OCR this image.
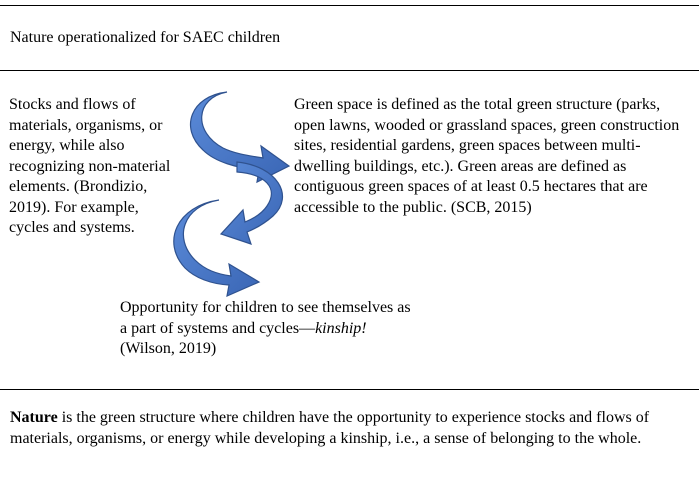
Nature operationalized for SAEC children

Stocks and flows of materials, organisms, or energy, while also recognizing non-material elements. (Brondizio, 2019). For example, cycles and systems.

Green space is defined as the total green structure (parks, open lawns, wooded or grassland spaces, green construction sites, residential gardens, green spaces between multi-dwelling buildings, etc.). Green areas are defined as contiguous green spaces of at least 0.5 hectares that are accessible to the public. (SCB, 2015)

Opportunity for children to see themselves as a part of systems and cycles—kinship! (Wilson, 2019)

Nature is the green structure where children have the opportunity to experience stocks and flows of materials, organisms, or energy while developing a kinship, i.e., a sense of belonging to the whole.
